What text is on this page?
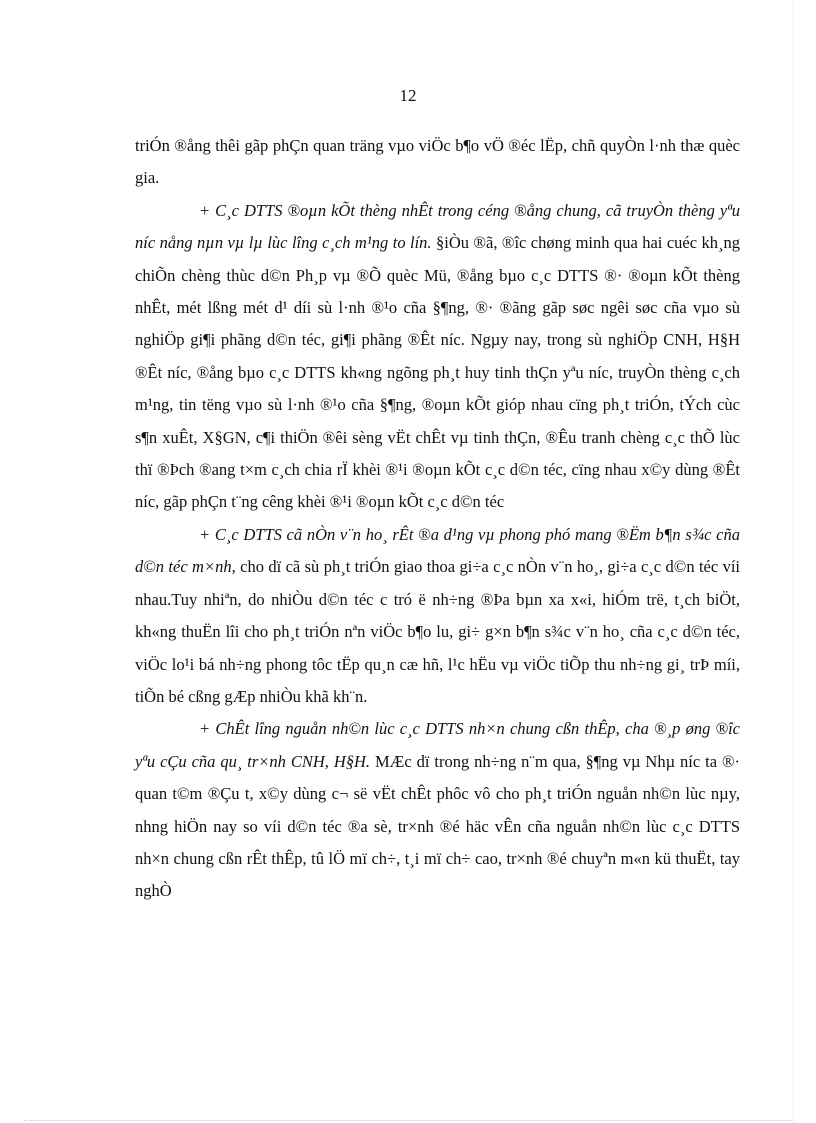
12

triÓn ®ång thêi gãp phÇn quan träng vµo viÖc b¶o vÖ ®éc lËp, chñ quyÒn l·nh thæ quèc gia.

+ C¸c DTTS ®oµn kÕt thèng nhÊt trong céng ®ång chung, cã truyÒn thèng yªu níc nång nµn vµ lµ lùc lîng c¸ch m¹ng to lín. §iÒu ®ã, ®îc chøng minh qua hai cuéc kh¸ng chiÕn chèng thùc d©n Ph¸p vµ ®Õ quèc Mü, ®ång bµo c¸c DTTS ®· ®oµn kÕt thèng nhÊt, mét lßng mét d¹ díi sù l·nh ®¹o cña §¶ng, ®· ®ãng gãp søc ngêi søc cña vµo sù nghiÖp gi¶i phãng d©n téc, gi¶i phãng ®Êt níc. Ngµy nay, trong sù nghiÖp CNH, H§H ®Êt níc, ®ång bµo c¸c DTTS kh«ng ngõng ph¸t huy tinh thÇn yªu níc, truyÒn thèng c¸ch m¹ng, tin tëng vµo sù l·nh ®¹o cña §¶ng, ®oµn kÕt gióp nhau cïng ph¸t triÓn, tÝch cùc s¶n xuÊt, X§GN, c¶i thiÖn ®êi sèng vËt chÊt vµ tinh thÇn, ®Êu tranh chèng c¸c thÕ lùc thï ®Þch ®ang t×m c¸ch chia rÏ khèi ®¹i ®oµn kÕt c¸c d©n téc, cïng nhau x©y dùng ®Êt níc, gãp phÇn t¨ng cêng khèi ®¹i ®oµn kÕt c¸c d©n téc

+ C¸c DTTS cã nÒn v¨n ho¸ rÊt ®a d¹ng vµ phong phó mang ®Ëm b¶n s¾c cña d©n téc m×nh, cho dï cã sù ph¸t triÓn giao thoa gi÷a c¸c nÒn v¨n ho¸, gi÷a c¸c d©n téc víi nhau.Tuy nhiªn, do nhiÒu d©n téc c tró ë nh÷ng ®Þa bµn xa x«i, hiÓm trë, t¸ch biÖt, kh«ng thuËn lîi cho ph¸t triÓn nªn viÖc b¶o lu, gi÷ g×n b¶n s¾c v¨n ho¸ cña c¸c d©n téc, viÖc lo¹i bá nh÷ng phong tôc tËp qu¸n cæ hñ, l¹c hËu vµ viÖc tiÕp thu nh÷ng gi¸ trÞ míi, tiÕn bé cßng gÆp nhiÒu khã kh¨n.

+ ChÊt lîng nguån nh©n lùc c¸c DTTS nh×n chung cßn thÊp, cha ®¸p øng ®îc yªu cÇu cña qu¸ tr×nh CNH, H§H. MÆc dï trong nh÷ng n¨m qua, §¶ng vµ Nhµ níc ta ®· quan t©m ®Çu t, x©y dùng c¬ së vËt chÊt phôc vô cho ph¸t triÓn nguån nh©n lùc nµy, nhng hiÖn nay so víi d©n téc ®a sè, tr×nh ®é häc vÊn cña nguån nh©n lùc c¸c DTTS nh×n chung cßn rÊt thÊp, tû lÖ mï ch÷, t¸i mï ch÷ cao, tr×nh ®é chuyªn m«n kü thuËt, tay nghÒ
